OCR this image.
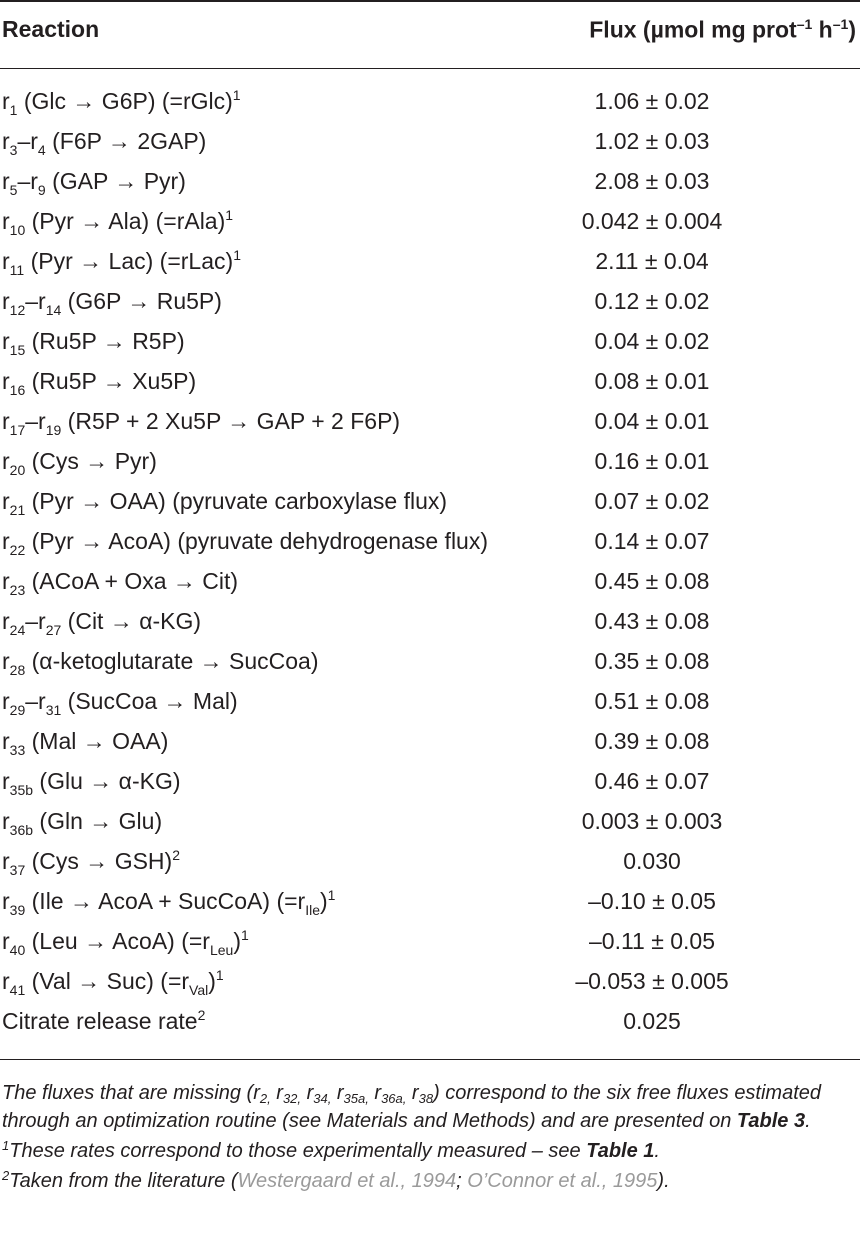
Reaction	Flux (µmol mg prot$^{-1}$ $h^{-1}$)
$r_1$ (Glc → G6P) (=rGlc)$^1$	1.06 ± 0.02
$r_3-r_4$ (F6P → 2GAP)	1.02 ± 0.03
$r_5-r_9$ (GAP → Pyr)	2.08 ± 0.03
$r_{10}$ (Pyr → Ala) (=rAla)$^1$	0.042 ± 0.004
$r_{11}$ (Pyr → Lac) (=rLac)$^1$	2.11 ± 0.04
$r_{12}-r_{14}$ (G6P → Ru5P)	0.12 ± 0.02
$r_{15}$ (Ru5P → R5P)	0.04 ± 0.02
$r_{16}$ (Ru5P → Xu5P)	0.08 ± 0.01
$r_{17}-r_{19}$ (R5P + 2 Xu5P → GAP + 2 F6P)	0.04 ± 0.01
$r_{20}$ (Cys → Pyr)	0.16 ± 0.01
$r_{21}$ (Pyr → OAA) (pyruvate carboxylase flux)	0.07 ± 0.02
$r_{22}$ (Pyr → AcoA) (pyruvate dehydrogenase flux)	0.14 ± 0.07
$r_{23}$ (ACoA + Oxa → Cit)	0.45 ± 0.08
$r_{24}-r_{27}$ (Cit → α-KG)	0.43 ± 0.08
$r_{28}$ (α-ketoglutarate → SucCoa)	0.35 ± 0.08
$r_{29}-r_{31}$ (SucCoa → Mal)	0.51 ± 0.08
$r_{33}$ (Mal → OAA)	0.39 ± 0.08
$r_{35b}$ (Glu → α-KG)	0.46 ± 0.07
$r_{36b}$ (Gln → Glu)	0.003 ± 0.003
$r_{37}$ (Cys → GSH)$^2$	0.030
$r_{39}$ (Ile → AcoA + SucCoA) $(=r_{Ile})^1$	–0.10 ± 0.05
$r_{40}$ (Leu → AcoA) $(=r_{Leu})^1$	–0.11 ± 0.05
$r_{41}$ (Val → Suc) $(=r_{Val})^1$	–0.053 ± 0.005
Citrate release rate$^2$	0.025

The fluxes that are missing ($r_{2,}$ $r_{32,}$ $r_{34,}$ $r_{35a,}$ $r_{36a,}$ $r_{38}$) correspond to the six free fluxes estimated through an optimization routine (see Materials and Methods) and are presented on Table 3.

$^1$These rates correspond to those experimentally measured – see Table 1.

$^2$Taken from the literature (Westergaard et al., 1994; O’Connor et al., 1995).
